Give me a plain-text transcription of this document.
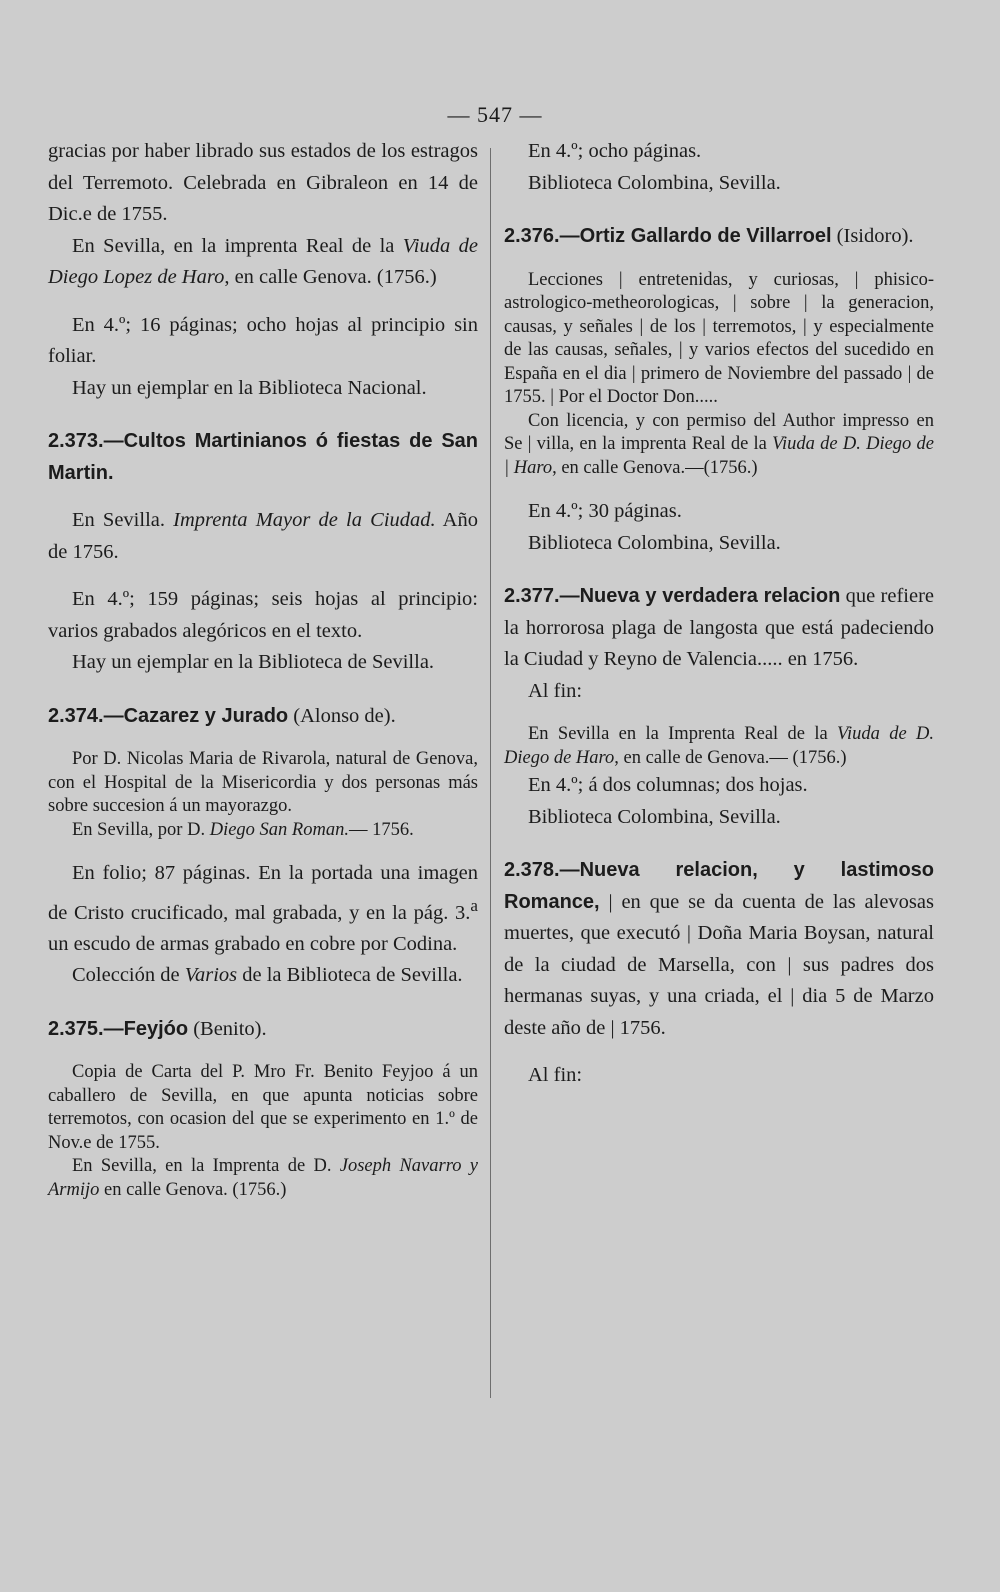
— 547 —

gracias por haber librado sus estados de los estragos del Terremoto. Celebrada en Gibraleon en 14 de Dic.e de 1755.

En Sevilla, en la imprenta Real de la Viuda de Diego Lopez de Haro, en calle Genova. (1756.)

En 4.º; 16 páginas; ocho hojas al principio sin foliar.

Hay un ejemplar en la Biblioteca Nacional.

2.373.—Cultos Martinianos ó fiestas de San Martin.

En Sevilla. Imprenta Mayor de la Ciudad. Año de 1756.

En 4.º; 159 páginas; seis hojas al principio: varios grabados alegóricos en el texto.

Hay un ejemplar en la Biblioteca de Sevilla.

2.374.—Cazarez y Jurado (Alonso de).

Por D. Nicolas Maria de Rivarola, natural de Genova, con el Hospital de la Misericordia y dos personas más sobre succesion á un mayorazgo.

En Sevilla, por D. Diego San Roman.— 1756.

En folio; 87 páginas. En la portada una imagen de Cristo crucificado, mal grabada, y en la pág. 3.$^a$ un escudo de armas grabado en cobre por Codina.

Colección de Varios de la Biblioteca de Sevilla.

2.375.—Feyjóo (Benito).

Copia de Carta del P. Mro Fr. Benito Feyjoo á un caballero de Sevilla, en que apunta noticias sobre terremotos, con ocasion del que se experimento en 1.º de Nov.e de 1755.

En Sevilla, en la Imprenta de D. Joseph Navarro y Armijo en calle Genova. (1756.)

En 4.º; ocho páginas.

Biblioteca Colombina, Sevilla.

2.376.—Ortiz Gallardo de Villarroel (Isidoro).

Lecciones | entretenidas, y curiosas, | phisico-astrologico-metheorologicas, | sobre | la generacion, causas, y señales | de los | terremotos, | y especialmente de las causas, señales, | y varios efectos del sucedido en España en el dia | primero de Noviembre del passado | de 1755. | Por el Doctor Don.....

Con licencia, y con permiso del Author impresso en Se | villa, en la imprenta Real de la Viuda de D. Diego de | Haro, en calle Genova.—(1756.)

En 4.º; 30 páginas.

Biblioteca Colombina, Sevilla.

2.377.—Nueva y verdadera relacion que refiere la horrorosa plaga de langosta que está padeciendo la Ciudad y Reyno de Valencia..... en 1756.

Al fin:

En Sevilla en la Imprenta Real de la Viuda de D. Diego de Haro, en calle de Genova.— (1756.)

En 4.º; á dos columnas; dos hojas.

Biblioteca Colombina, Sevilla.

2.378.—Nueva relacion, y lastimoso Romance, | en que se da cuenta de las alevosas muertes, que executó | Doña Maria Boysan, natural de la ciudad de Marsella, con | sus padres dos hermanas suyas, y una criada, el | dia 5 de Marzo deste año de | 1756.

Al fin:
